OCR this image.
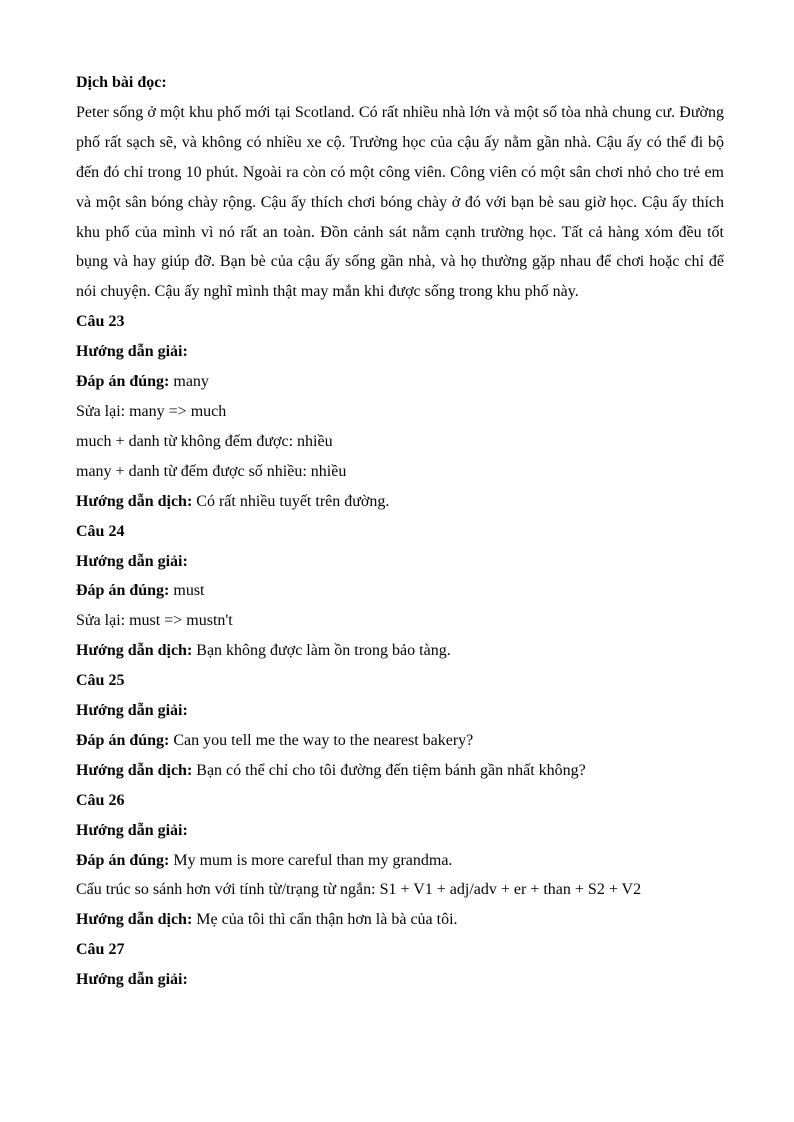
Dịch bài đọc:
Peter sống ở một khu phố mới tại Scotland. Có rất nhiều nhà lớn và một số tòa nhà chung cư. Đường phố rất sạch sẽ, và không có nhiều xe cộ. Trường học của cậu ấy nằm gần nhà. Cậu ấy có thể đi bộ đến đó chỉ trong 10 phút. Ngoài ra còn có một công viên. Công viên có một sân chơi nhỏ cho trẻ em và một sân bóng chày rộng. Cậu ấy thích chơi bóng chày ở đó với bạn bè sau giờ học. Cậu ấy thích khu phố của mình vì nó rất an toàn. Đồn cảnh sát nằm cạnh trường học. Tất cả hàng xóm đều tốt bụng và hay giúp đỡ. Bạn bè của cậu ấy sống gần nhà, và họ thường gặp nhau để chơi hoặc chỉ để nói chuyện. Cậu ấy nghĩ mình thật may mắn khi được sống trong khu phố này.
Câu 23
Hướng dẫn giải:
Đáp án đúng: many
Sửa lại: many => much
much + danh từ không đếm được: nhiều
many + danh từ đếm được số nhiều: nhiều
Hướng dẫn dịch: Có rất nhiều tuyết trên đường.
Câu 24
Hướng dẫn giải:
Đáp án đúng: must
Sửa lại: must => mustn't
Hướng dẫn dịch: Bạn không được làm ồn trong bảo tàng.
Câu 25
Hướng dẫn giải:
Đáp án đúng: Can you tell me the way to the nearest bakery?
Hướng dẫn dịch: Bạn có thể chỉ cho tôi đường đến tiệm bánh gần nhất không?
Câu 26
Hướng dẫn giải:
Đáp án đúng: My mum is more careful than my grandma.
Cấu trúc so sánh hơn với tính từ/trạng từ ngắn: S1 + V1 + adj/adv + er + than + S2 + V2
Hướng dẫn dịch: Mẹ của tôi thì cẩn thận hơn là bà của tôi.
Câu 27
Hướng dẫn giải:
